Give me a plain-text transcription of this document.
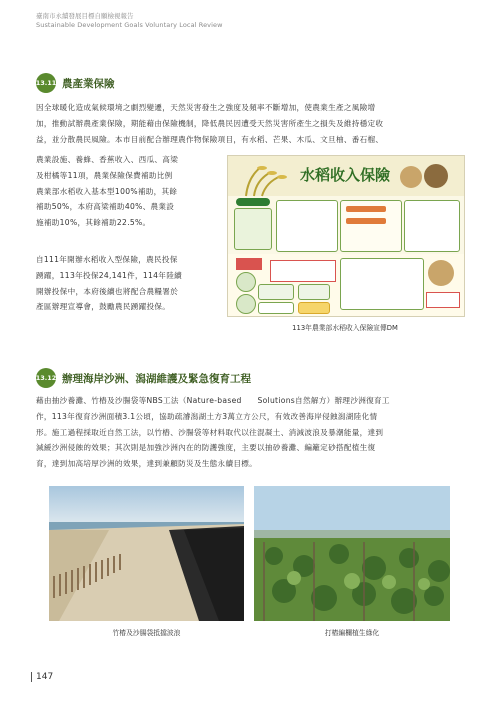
臺南市永續發展目標自願檢視報告
Sustainable Development Goals Voluntary Local Review
13.11 農產業保險
因全球暖化造成氣候環境之劇烈變遷，天然災害發生之強度及頻率不斷增加，使農業生產之風險增
加，推動試辦農產業保險，期能藉由保險機制，降低農民因遭受天然災害所產生之損失及維持穩定收
益，並分散農民風險。本市目前配合辦理農作物保險項目，有水稻、芒果、木瓜、文旦柚、番石榴、
農業設施、養蜂、香蕉收入、西瓜、高梁
及柑橘等11項，農業保險保費補助比例
農業部水稻收入基本型100%補助，其餘
補助50%，本府高梁補助40%、農業設
施補助10%，其餘補助22.5%。
自111年開辦水稻收入型保險，農民投保
踴躍，113年投保24,141件，114年陸續
開辦投保中，本府後續也將配合農糧署於
產區辦理宣導會，鼓勵農民踴躍投保。
水稻收入保險
113年農業部水稻收入保險宣傳DM
13.12 辦理海岸沙洲、潟湖維護及緊急復育工程
藉由抽沙養灘、竹樁及沙腸袋等NBS工法（Nature-based　　Solutions自然解方）辦理沙洲復育工
作，113年復育沙洲面積3.1公頃，協助疏濬潟湖土方3萬立方公尺，有效改善海岸侵蝕潟湖陸化情
形。施工過程採取近自然工法，以竹樁、沙腸袋等材料取代以往混凝土、消減波浪及暴潮能量，達到
減緩沙洲侵蝕的效果；其次則是加強沙洲內在的防護強度，主要以抽砂養灘、編籬定砂搭配植生復
育，達到加高培厚沙洲的效果，達到兼顧防災及生態永續目標。
竹樁及沙腸袋抵擋波浪	打樁編欄植生綠化
147
